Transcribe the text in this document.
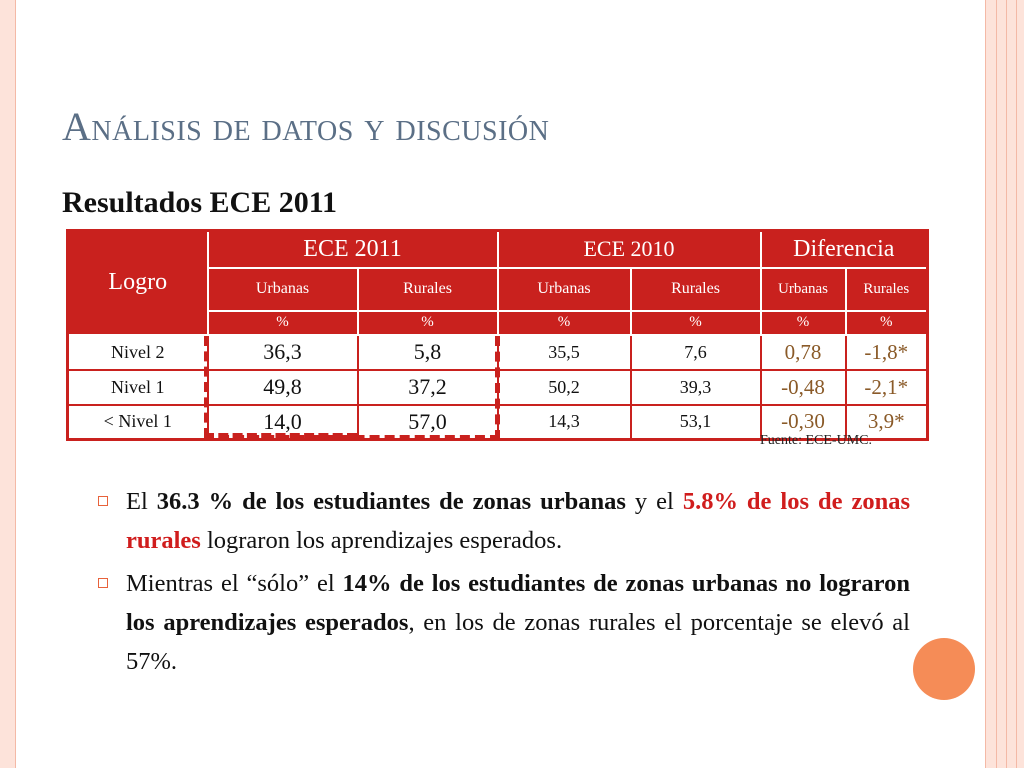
Análisis de datos y discusión
Resultados ECE 2011
Logro	ECE 2011		ECE 2010		Diferencia	
	Urbanas	Rurales	Urbanas	Rurales	Urbanas	Rurales
	%	%	%	%	%	%
Nivel 2	36,3	5,8	35,5	7,6	0,78	-1,8*
Nivel 1	49,8	37,2	50,2	39,3	-0,48	-2,1*
< Nivel 1	14,0	57,0	14,3	53,1	-0,30	3,9*
Fuente: ECE-UMC.
El 36.3 % de los estudiantes de zonas urbanas y el 5.8% de los de zonas rurales lograron los aprendizajes esperados.
Mientras el “sólo” el 14% de los estudiantes de zonas urbanas no lograron los aprendizajes esperados, en los de zonas rurales el porcentaje se elevó al 57%.
